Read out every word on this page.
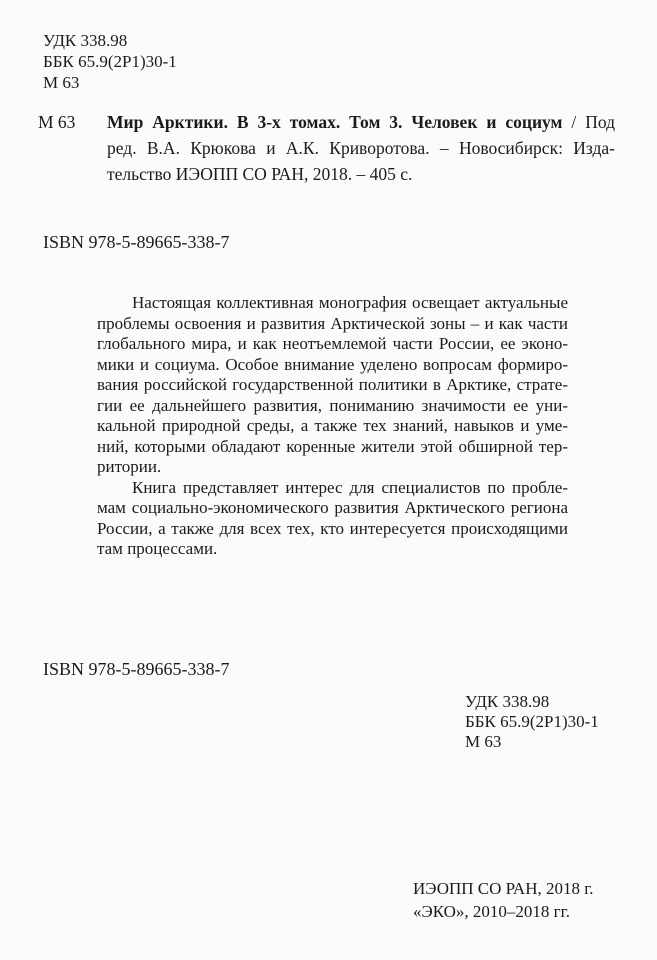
УДК 338.98
ББК 65.9(2Р1)30-1
М 63
М 63 Мир Арктики. В 3-х томах. Том 3. Человек и социум / Под
ред. В.А. Крюкова и А.К. Криворотова. – Новосибирск: Изда-
тельство ИЭОПП СО РАН, 2018. – 405 с.
ISBN 978-5-89665-338-7
Настоящая коллективная монография освещает актуальные
проблемы освоения и развития Арктической зоны – и как части
глобального мира, и как неотъемлемой части России, ее эконо-
мики и социума. Особое внимание уделено вопросам формиро-
вания российской государственной политики в Арктике, страте-
гии ее дальнейшего развития, пониманию значимости ее уни-
кальной природной среды, а также тех знаний, навыков и уме-
ний, которыми обладают коренные жители этой обширной тер-
ритории.
Книга представляет интерес для специалистов по пробле-
мам социально-экономического развития Арктического региона
России, а также для всех тех, кто интересуется происходящими
там процессами.
ISBN 978-5-89665-338-7
УДК 338.98
ББК 65.9(2Р1)30-1
М 63
ИЭОПП СО РАН, 2018 г.
«ЭКО», 2010–2018 гг.
